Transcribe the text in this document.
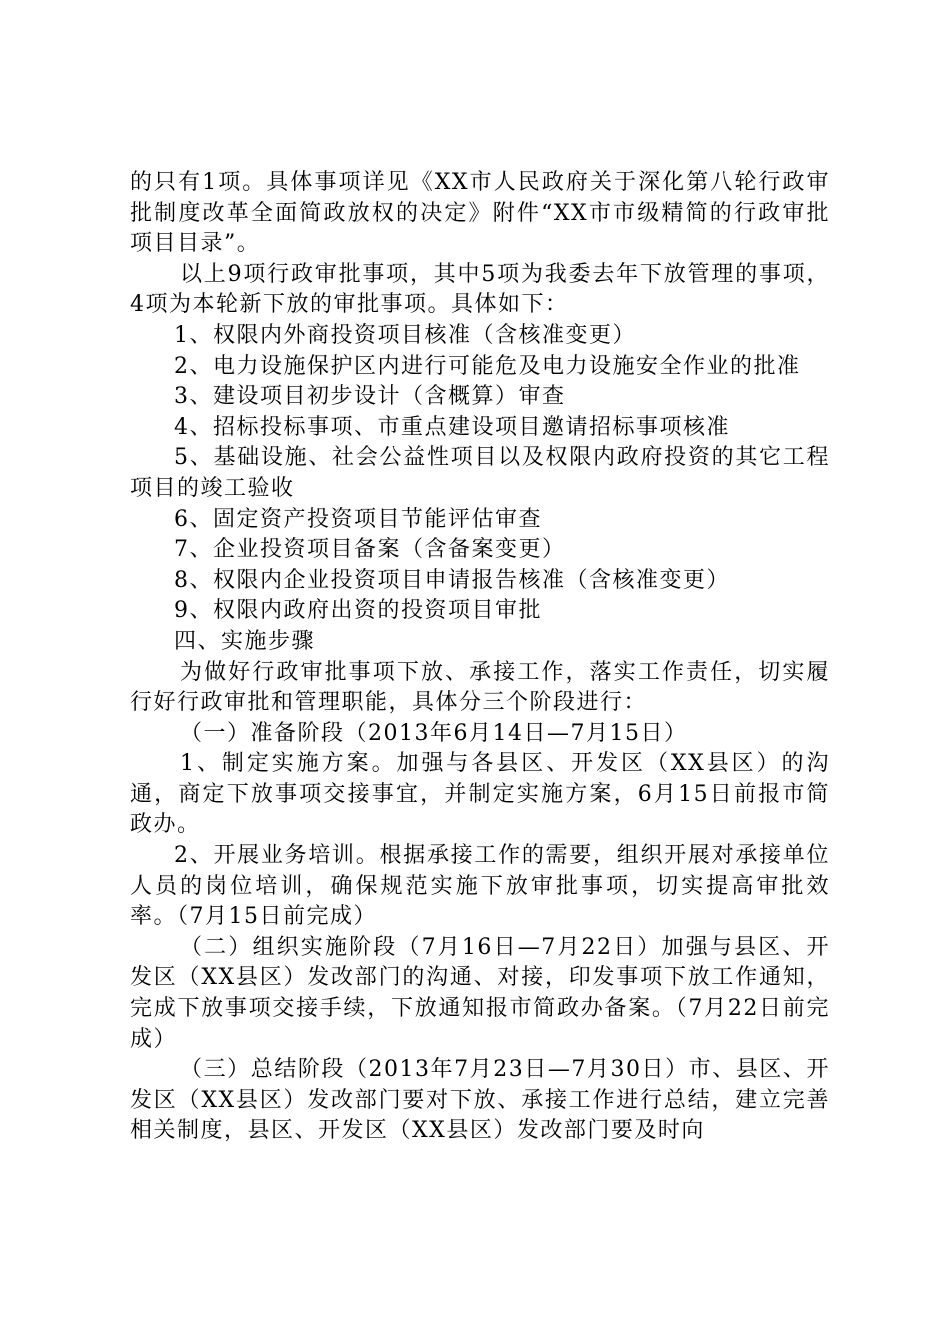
的只有1项。具体事项详见《XX市人民政府关于深化第八轮行政审批制度改革全面简政放权的决定》附件“XX市市级精简的行政审批项目目录”。

以上9项行政审批事项，其中5项为我委去年下放管理的事项，4项为本轮新下放的审批事项。具体如下：

1、权限内外商投资项目核准（含核准变更）

2、电力设施保护区内进行可能危及电力设施安全作业的批准

3、建设项目初步设计（含概算）审查

4、招标投标事项、市重点建设项目邀请招标事项核准

5、基础设施、社会公益性项目以及权限内政府投资的其它工程项目的竣工验收

6、固定资产投资项目节能评估审查

7、企业投资项目备案（含备案变更）

8、权限内企业投资项目申请报告核准（含核准变更）

9、权限内政府出资的投资项目审批

四、实施步骤

为做好行政审批事项下放、承接工作，落实工作责任，切实履行好行政审批和管理职能，具体分三个阶段进行：

（一）准备阶段（2013年6月14日—7月15日）

1、制定实施方案。加强与各县区、开发区（XX县区）的沟通，商定下放事项交接事宜，并制定实施方案，6月15日前报市简政办。

2、开展业务培训。根据承接工作的需要，组织开展对承接单位人员的岗位培训，确保规范实施下放审批事项，切实提高审批效率。（7月15日前完成）

（二）组织实施阶段（7月16日—7月22日）加强与县区、开发区（XX县区）发改部门的沟通、对接，印发事项下放工作通知，完成下放事项交接手续，下放通知报市简政办备案。（7月22日前完成）

（三）总结阶段（2013年7月23日—7月30日）市、县区、开发区（XX县区）发改部门要对下放、承接工作进行总结，建立完善相关制度，县区、开发区（XX县区）发改部门要及时向
